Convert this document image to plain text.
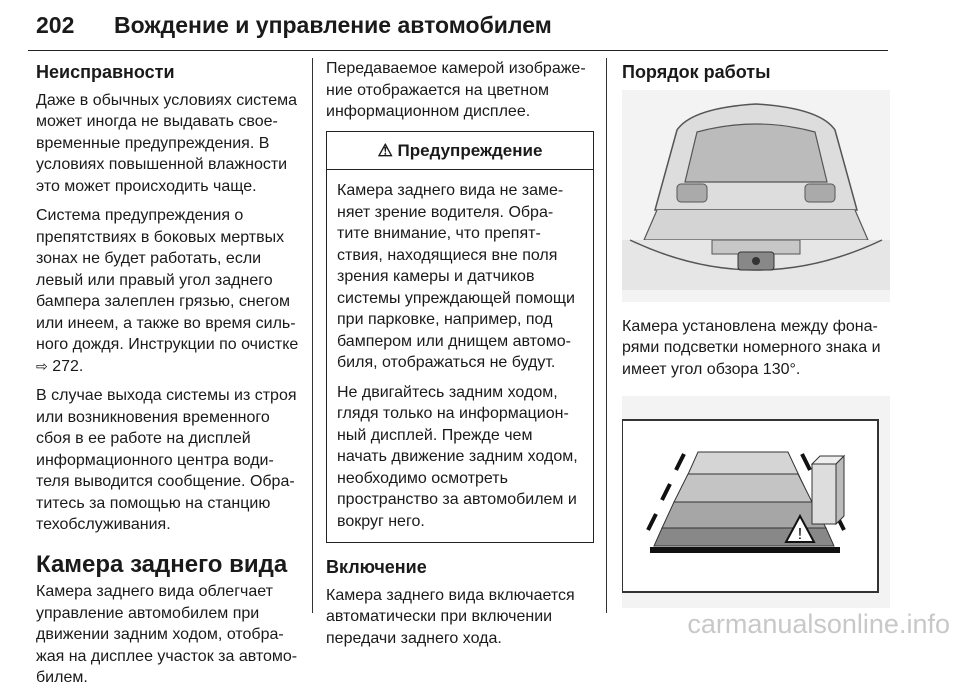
202 Вождение и управление автомобилем
Неисправности

Даже в обычных условиях система может иногда не выдавать свое-временные предупреждения. В условиях повышенной влажности это может происходить чаще.

Система предупреждения о препятствиях в боковых мертвых зонах не будет работать, если левый или правый угол заднего бампера залеплен грязью, снегом или инеем, а также во время силь-ного дождя. Инструкции по очистке
⇨ 272.

В случае выхода системы из строя или возникновения временного сбоя в ее работе на дисплей информационного центра води-теля выводится сообщение. Обра-титесь за помощью на станцию техобслуживания.

Камера заднего вида

Камера заднего вида облегчает управление автомобилем при движении задним ходом, отобра-жая на дисплее участок за автомо-билем.

Передаваемое камерой изображе-ние отображается на цветном информационном дисплее.

⚠ Предупреждение

Камера заднего вида не заме-няет зрение водителя. Обра-тите внимание, что препят-ствия, находящиеся вне поля зрения камеры и датчиков системы упреждающей помощи при парковке, например, под бампером или днищем автомо-биля, отображаться не будут.

Не двигайтесь задним ходом, глядя только на информацион-ный дисплей. Прежде чем начать движение задним ходом, необходимо осмотреть пространство за автомобилем и вокруг него.

Включение

Камера заднего вида включается автоматически при включении передачи заднего хода.

Порядок работы

Камера установлена между фона-рями подсветки номерного знака и имеет угол обзора 130°.

!
carmanualsonline.info
